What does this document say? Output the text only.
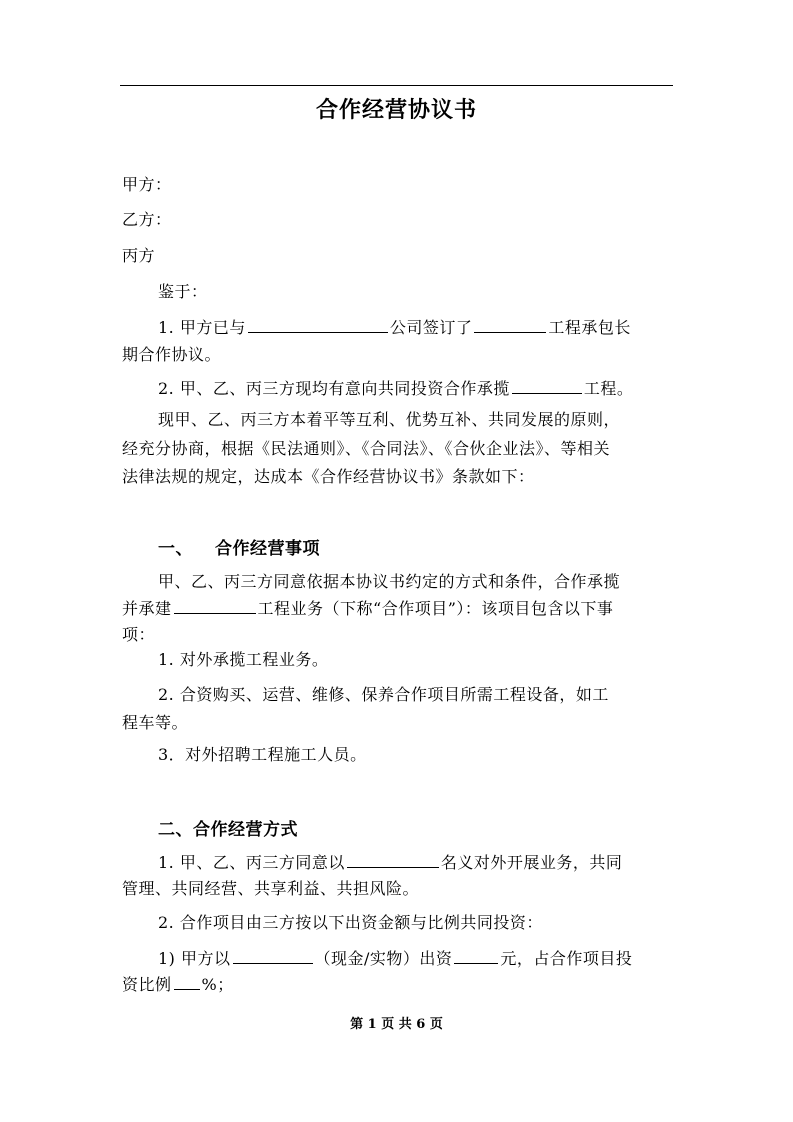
合作经营协议书
甲方：
乙方：
丙方
鉴于：
1. 甲方已与	公司签订了	工程承包长
期合作协议。
2. 甲、乙、丙三方现均有意向共同投资合作承揽	工程。
现甲、乙、丙三方本着平等互利、优势互补、共同发展的原则，
经充分协商，根据《民法通则》、《合同法》、《合伙企业法》、等相关
法律法规的规定，达成本《合作经营协议书》条款如下：
一、 合作经营事项
甲、乙、丙三方同意依据本协议书约定的方式和条件，合作承揽
并承建	工程业务（下称“合作项目”）：该项目包含以下事
项：
1. 对外承揽工程业务。
2. 合资购买、运营、维修、保养合作项目所需工程设备，如工
程车等。
3．对外招聘工程施工人员。
二、合作经营方式
1. 甲、乙、丙三方同意以	名义对外开展业务，共同
管理、共同经营、共享利益、共担风险。
2. 合作项目由三方按以下出资金额与比例共同投资：
1) 甲方以	（现金/实物）出资	元，占合作项目投
资比例 %；
第 1 页 共 6 页
